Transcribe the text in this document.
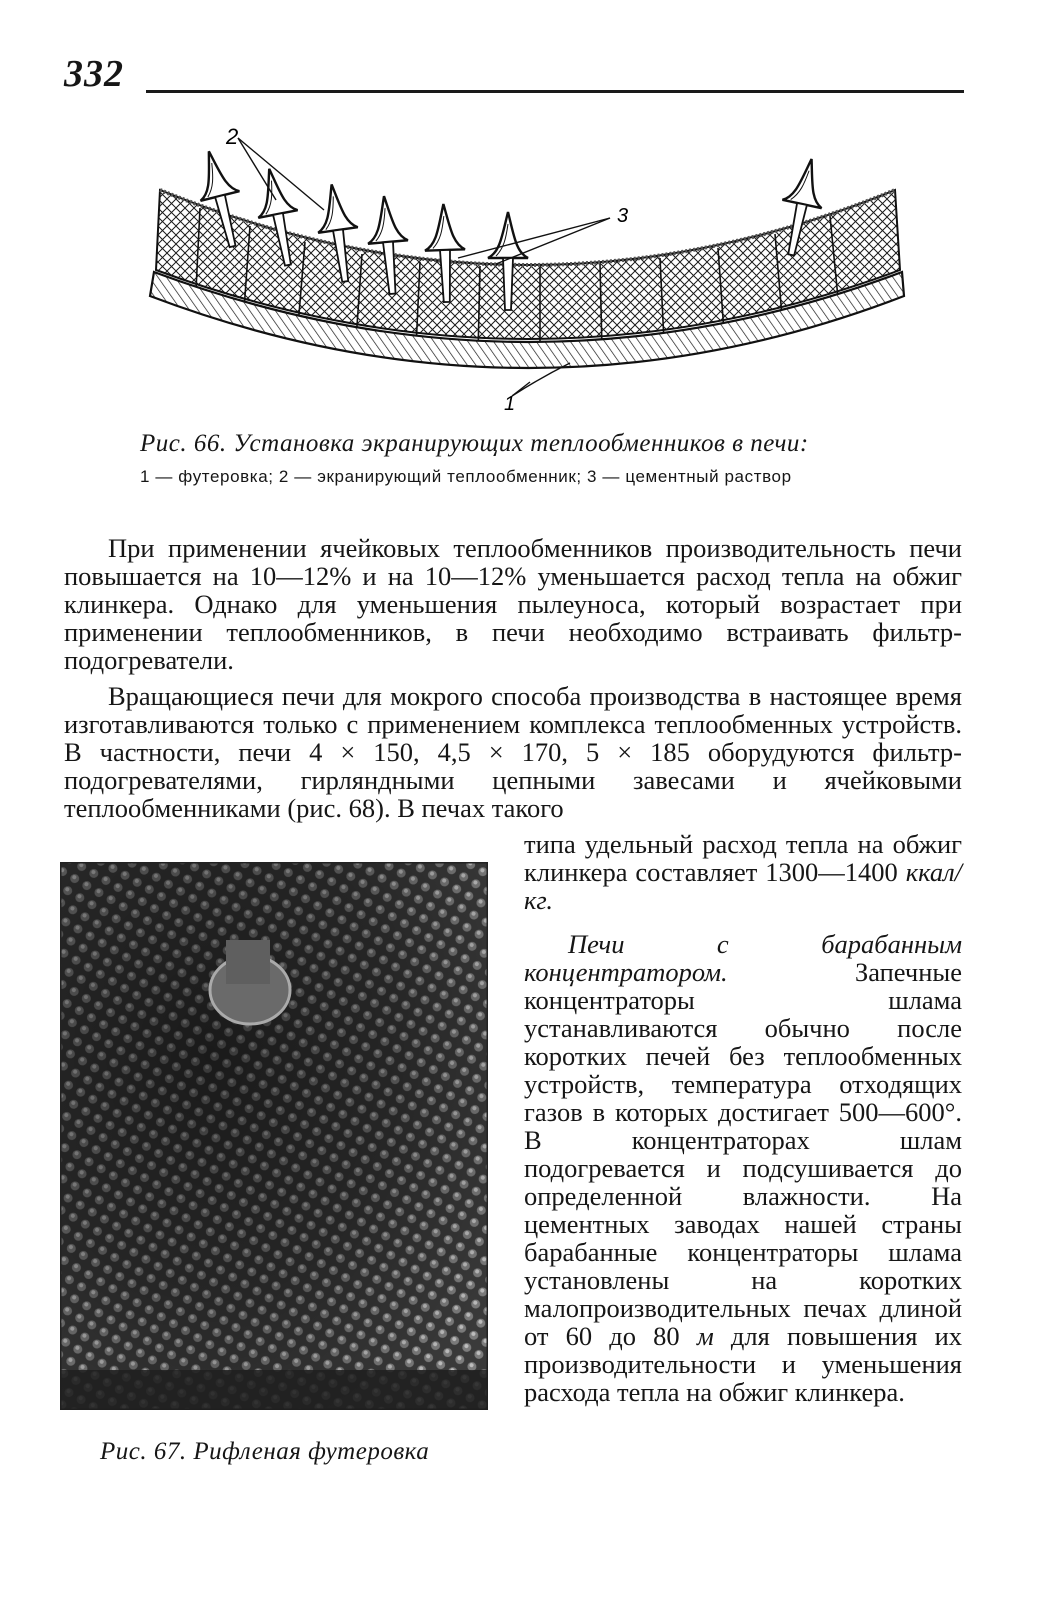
332
2
3
1
Рис. 66. Установка экранирующих теплообменников в печи:
1 — футеровка; 2 — экранирующий теплообменник; 3 — цементный раствор
При применении ячейковых теплообменников производительность печи повышается на 10—12% и на 10—12% уменьшается расход тепла на обжиг клинкера. Однако для уменьшения пылеуноса, который возрастает при применении теплообменников, в печи необходимо встраивать фильтр-подогреватели.
Вращающиеся печи для мокрого способа производства в настоящее время изготавливаются только с применением комплекса теплообменных устройств. В частности, печи 4 × 150, 4,5 × 170, 5 × 185 оборудуются фильтр-подогревателями, гирляндными цепными завесами и ячейковыми теплообменниками (рис. 68). В печах такого
Рис. 67. Рифленая футеровка
типа удельный расход тепла на обжиг клинкера составляет 1300—1400 ккал/кг.
Печи с барабанным концентратором. Запечные концентраторы шлама устанавливаются обычно после коротких печей без теплообменных устройств, температура отходящих газов в которых достигает 500—600°. В концентраторах шлам подогревается и подсушивается до определенной влажности. На цементных заводах нашей страны барабанные концентраторы шлама установлены на коротких малопроизводительных печах длиной от 60 до 80 м для повышения их производительности и уменьшения расхода тепла на обжиг клинкера.
